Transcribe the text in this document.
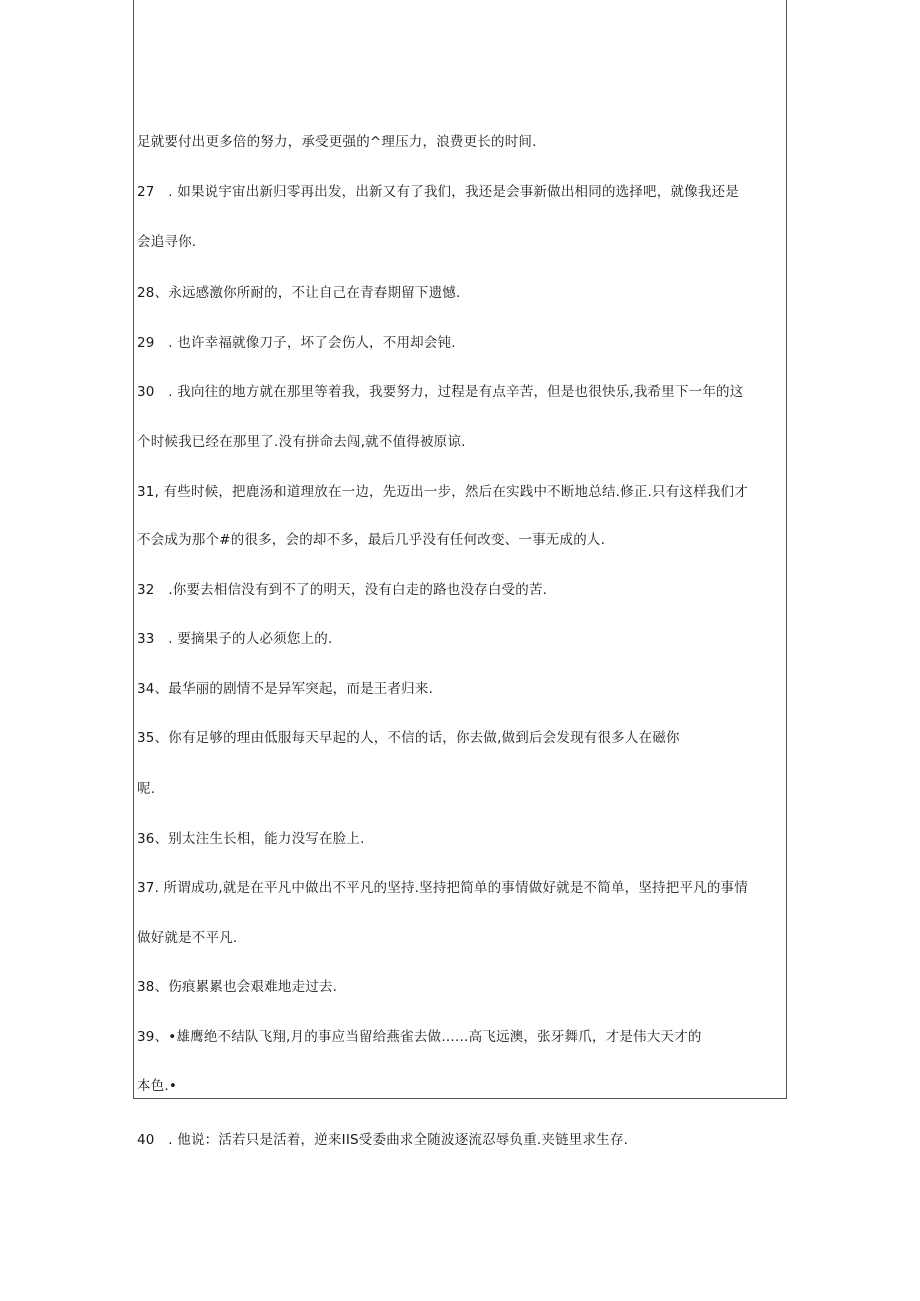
足就要付出更多倍的努力，承受更强的^理压力，浪费更长的时间.
27　. 如果说宇宙出新归零再出发，出新又有了我们，我还是会事新做出相同的选择吧，就像我还是
会追寻你.
28、永远感激你所耐的，不让自己在青春期留下遗憾.
29　. 也许幸福就像刀子，坏了会伤人，不用却会钝.
30　. 我向往的地方就在那里等着我，我要努力，过程是有点辛苦，但是也很快乐,我希里下一年的这
个时候我已经在那里了.没有拼命去闯,就不值得被原谅.
31, 有些时候，把鹿汤和道理放在一边，先迈出一步，然后在实践中不断地总结.修正.只有这样我们才
不会成为那个#的很多，会的却不多，最后几乎没有任何改变、一事无成的人.
32　.你要去相信没有到不了的明天，没有白走的路也没存白受的苦.
33　. 要摘果子的人必须您上的.
34、最华丽的剧情不是异军突起，而是王者归来.
35、你有足够的理由低服每天早起的人，不信的话，你去做,做到后会发现有很多人在磁你
呢.
36、别太注生长相，能力没写在脸上.
37. 所谓成功,就是在平凡中做出不平凡的坚持.坚持把简单的事情做好就是不简单，坚持把平凡的事情
做好就是不平凡.
38、伤痕累累也会艰难地走过去.
39、•雄鹰绝不结队飞翔,月的事应当留给燕雀去做……高飞远澳，张牙舞爪，才是伟大天才的
本色.•
40　. 他说：活若只是活着，逆来IIS受委曲求全随波逐流忍辱负重.夹链里求生存.
